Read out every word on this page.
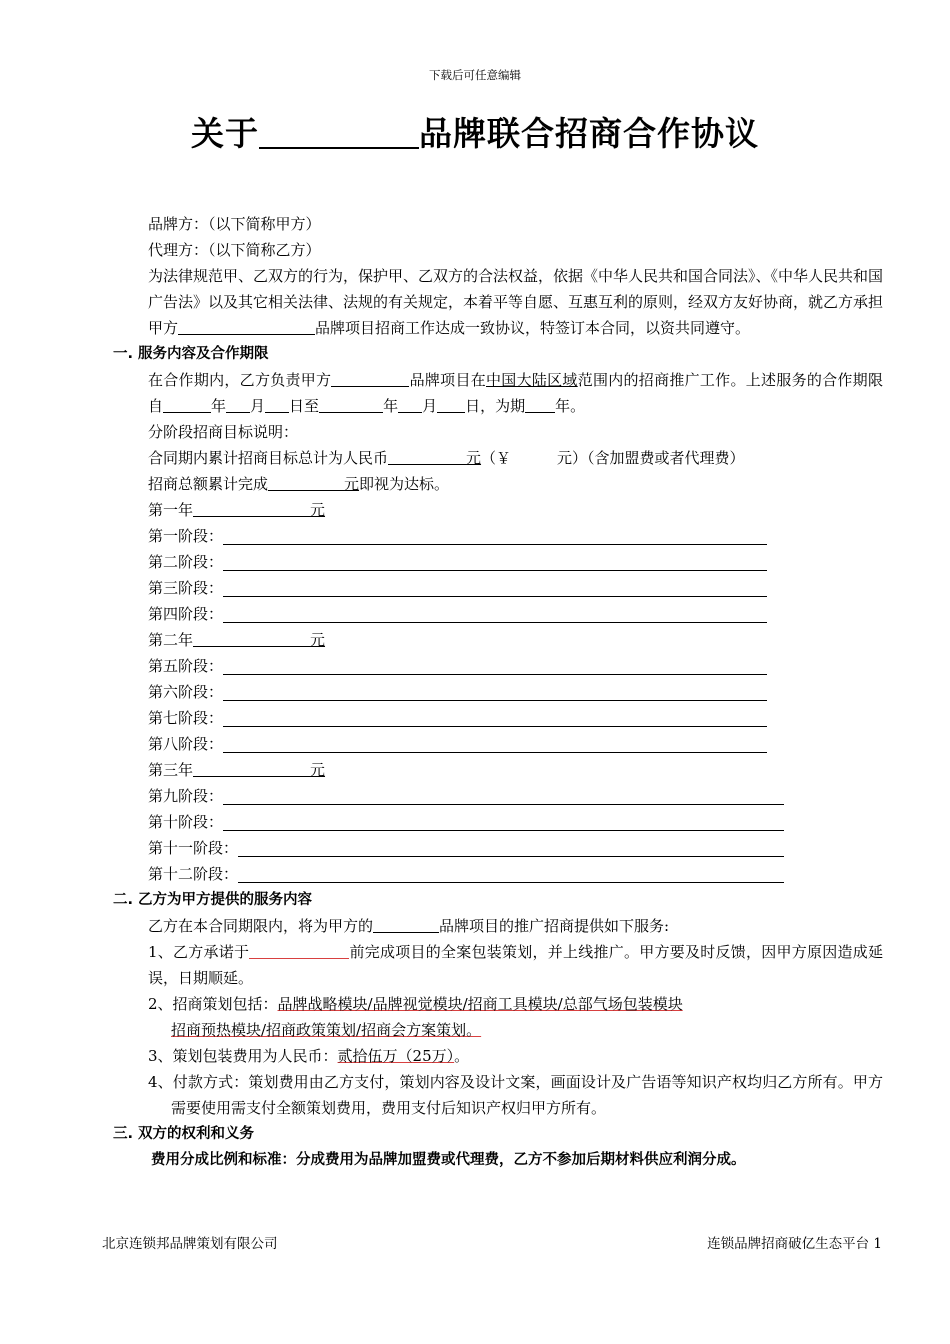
下载后可任意编辑
关于	品牌联合招商合作协议

品牌方：（以下简称甲方）

代理方：（以下简称乙方）

为法律规范甲、乙双方的行为，保护甲、乙双方的合法权益，依据《中华人民共和国合同法》、《中华人民共和国广告法》以及其它相关法律、法规的有关规定，本着平等自愿、互惠互利的原则，经双方友好协商，就乙方承担甲方	品牌项目招商工作达成一致协议，特签订本合同，以资共同遵守。

一. 服务内容及合作期限

在合作期内，乙方负责甲方	品牌项目在中国大陆区域范围内的招商推广工作。上述服务的合作期限自	年 月 日至	年 月 日，为期 年。

分阶段招商目标说明：

合同期内累计招商目标总计为人民币	元（￥	元）（含加盟费或者代理费）

招商总额累计完成	元即视为达标。

第一年	元

第一阶段：
第二阶段：
第三阶段：
第四阶段：

第二年	元

第五阶段：
第六阶段：
第七阶段：
第八阶段：

第三年	元

第九阶段：
第十阶段：
第十一阶段：
第十二阶段：

二. 乙方为甲方提供的服务内容

乙方在本合同期限内，将为甲方的	品牌项目的推广招商提供如下服务:

1、乙方承诺于	前完成项目的全案包装策划，并上线推广。甲方要及时反馈，因甲方原因造成延误，日期顺延。

2、招商策划包括：品牌战略模块/品牌视觉模块/招商工具模块/总部气场包装模块

招商预热模块/招商政策策划/招商会方案策划。

3、策划包装费用为人民币：贰拾伍万（25万）。

4、付款方式：策划费用由乙方支付，策划内容及设计文案，画面设计及广告语等知识产权均归乙方所有。甲方需要使用需支付全额策划费用，费用支付后知识产权归甲方所有。

三. 双方的权利和义务

费用分成比例和标准：分成费用为品牌加盟费或代理费，乙方不参加后期材料供应利润分成。

北京连锁邦品牌策划有限公司	连锁品牌招商破亿生态平台 1
